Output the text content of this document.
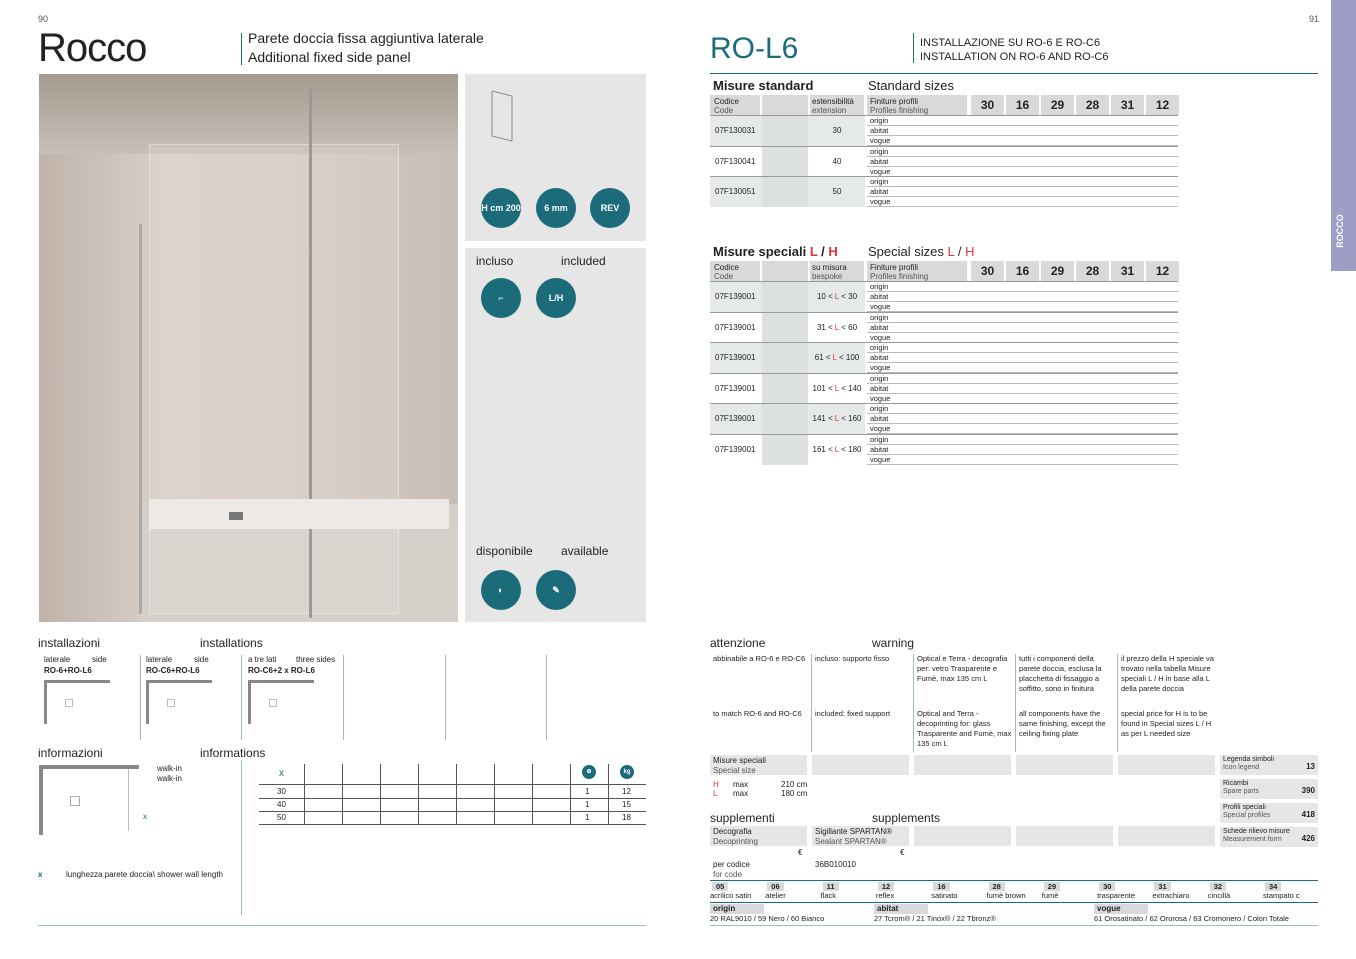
90
Rocco	Parete doccia fissa aggiuntiva laterale
Additional fixed side panel
H cm 200	6 mm	REV
incluso	included
⌐	L/H
disponibile available
◐	✎
installazioni	installations
informazioni	informations
x
walk-in
walk-in	x	⊕	kg
30	1	12
40	1	15
50	1	18
x	lunghezza parete doccia\ shower wall length
91
ROCCO
RO-L6	INSTALLAZIONE SU RO-6 E RO-C6
INSTALLATION ON RO-6 AND RO-C6
Misure standard	Standard sizes
Misure speciali L / H Special sizes L / H
attenzione	warning
Misure speciali
Special size
H max	210 cm
L max	180 cm
supplementi	supplements
Decografia
Decoprinting
Sigillante SPARTAN®
Sealant SPARTAN®
€	€
per codice
for code
36B010010
laterale	side
RO-6+RO-L6
laterale	side
RO-C6+RO-L6
a tre lati three sides
RO-C6+2 x RO-L6
Codice
Code
estensibilità
extension
Finiture profili
Profiles finishing	30	16	29	28	31	12
07F130031	30
origin
abitat
vogue
07F130041	40
origin
abitat
vogue
07F130051	50
origin
abitat
vogue
Codice
Code
su misura
bespoke
Finiture profili
Profiles finishing	30	16	29	28	31	12
07F139001	10 < L < 30
origin
abitat
vogue
07F139001	31 < L < 60
origin
abitat
vogue
07F139001	61 < L < 100
origin
abitat
vogue
07F139001	101 < L < 140
origin
abitat
vogue
07F139001	141 < L < 160
origin
abitat
vogue
07F139001	161 < L < 180
origin
abitat
vogue
abbinabile a RO-6 e RO-C6
to match RO-6 and RO-C6
incluso: supporto fisso
included: fixed support
Optical e Terra - decografia per: vetro Trasparente e Fumè, max 135 cm L
Optical and Terra - decoprinting for: glass Trasparente and Fumè, max 135 cm L
tutti i componenti della parete doccia, esclusa la placchetta di fissaggio a soffitto, sono in finitura
all components have the same finishing, except the ceiling fixing plate
il prezzo della H speciale va trovato nella tabella Misure speciali L / H in base alla L della parete doccia
special price for H is to be found in Special sizes L / H as per L needed size
Legenda simboli
Icon legend	13
Ricambi
Spare parts	390
Profili speciali
Special profiles	418
Schede rilievo misure
Measurement form	426
05
acrilico satin
06
atelier
11
flack
12
reflex
16
satinato
28
fumè brown
29
fumè
30
trasparente
31
extrachiaro
32
cincillà
34
stampato c
origin
20 RAL9010 / 59 Nero / 60 Bianco
abitat
27 Tcrom® / 21 Tinox® / 22 Tbronz®
vogue
61 Orosatinato / 62 Ororosa / 63 Cromonero / Colori Totale
